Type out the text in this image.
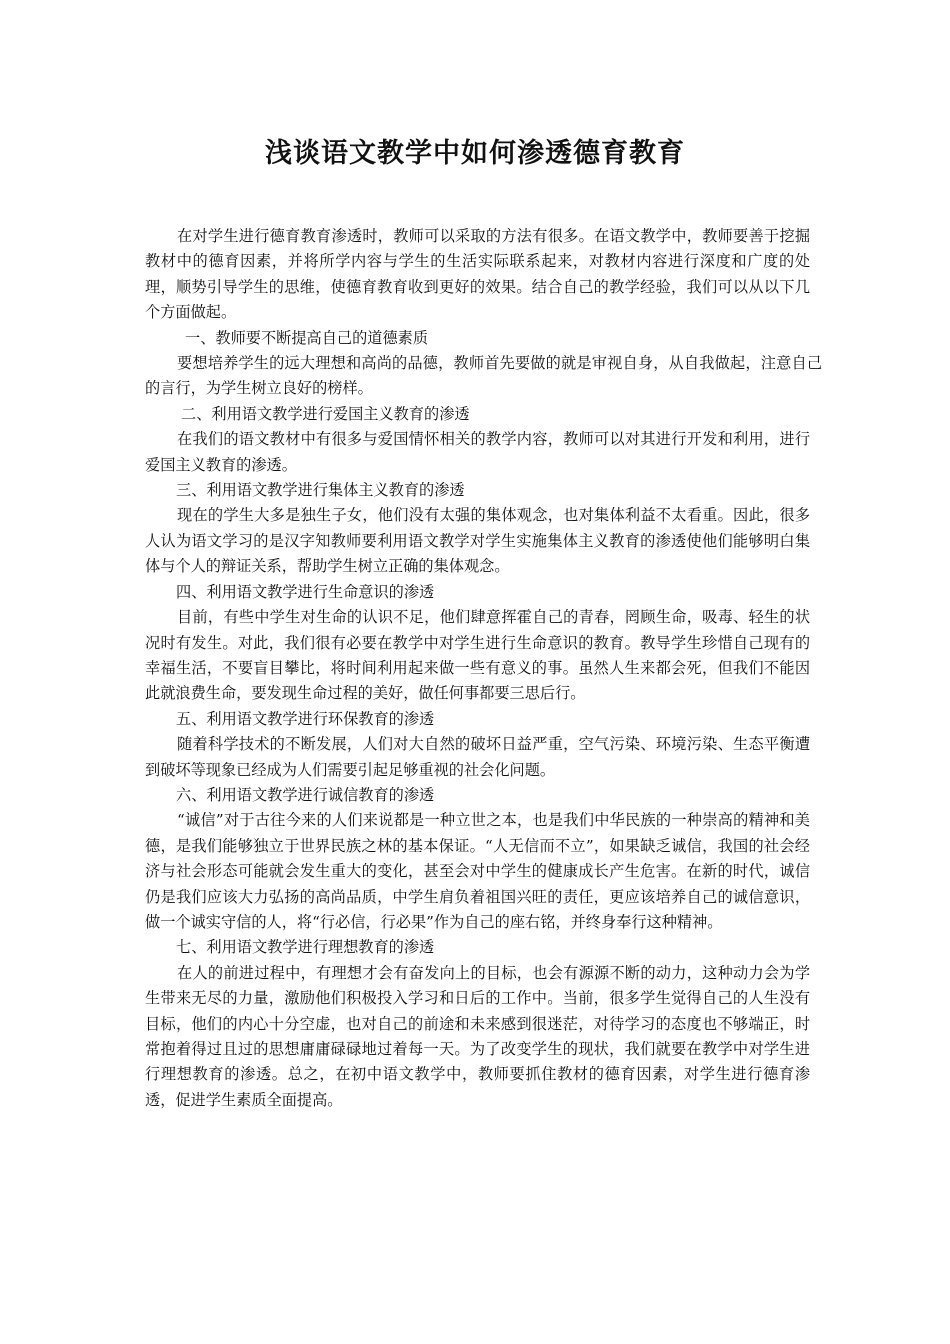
浅谈语文教学中如何渗透德育教育

在对学生进行德育教育渗透时，教师可以采取的方法有很多。在语文教学中，教师要善于挖掘教材中的德育因素，并将所学内容与学生的生活实际联系起来，对教材内容进行深度和广度的处理，顺势引导学生的思维，使德育教育收到更好的效果。结合自己的教学经验，我们可以从以下几个方面做起。

一、教师要不断提高自己的道德素质

要想培养学生的远大理想和高尚的品德，教师首先要做的就是审视自身，从自我做起，注意自己的言行，为学生树立良好的榜样。

二、利用语文教学进行爱国主义教育的渗透

在我们的语文教材中有很多与爱国情怀相关的教学内容，教师可以对其进行开发和利用，进行爱国主义教育的渗透。

三、利用语文教学进行集体主义教育的渗透

现在的学生大多是独生子女，他们没有太强的集体观念，也对集体利益不太看重。因此，很多人认为语文学习的是汉字知教师要利用语文教学对学生实施集体主义教育的渗透使他们能够明白集体与个人的辩证关系，帮助学生树立正确的集体观念。

四、利用语文教学进行生命意识的渗透

目前，有些中学生对生命的认识不足，他们肆意挥霍自己的青春，罔顾生命，吸毒、轻生的状况时有发生。对此，我们很有必要在教学中对学生进行生命意识的教育。教导学生珍惜自己现有的幸福生活，不要盲目攀比，将时间利用起来做一些有意义的事。虽然人生来都会死，但我们不能因此就浪费生命，要发现生命过程的美好，做任何事都要三思后行。

五、利用语文教学进行环保教育的渗透

随着科学技术的不断发展，人们对大自然的破坏日益严重，空气污染、环境污染、生态平衡遭到破坏等现象已经成为人们需要引起足够重视的社会化问题。

六、利用语文教学进行诚信教育的渗透

“诚信”对于古往今来的人们来说都是一种立世之本，也是我们中华民族的一种崇高的精神和美德，是我们能够独立于世界民族之林的基本保证。“人无信而不立”，如果缺乏诚信，我国的社会经济与社会形态可能就会发生重大的变化，甚至会对中学生的健康成长产生危害。在新的时代，诚信仍是我们应该大力弘扬的高尚品质，中学生肩负着祖国兴旺的责任，更应该培养自己的诚信意识，做一个诚实守信的人，将“行必信，行必果”作为自己的座右铭，并终身奉行这种精神。

七、利用语文教学进行理想教育的渗透

在人的前进过程中，有理想才会有奋发向上的目标，也会有源源不断的动力，这种动力会为学生带来无尽的力量，激励他们积极投入学习和日后的工作中。当前，很多学生觉得自己的人生没有目标，他们的内心十分空虚，也对自己的前途和未来感到很迷茫，对待学习的态度也不够端正，时常抱着得过且过的思想庸庸碌碌地过着每一天。为了改变学生的现状，我们就要在教学中对学生进行理想教育的渗透。总之，在初中语文教学中，教师要抓住教材的德育因素，对学生进行德育渗透，促进学生素质全面提高。
